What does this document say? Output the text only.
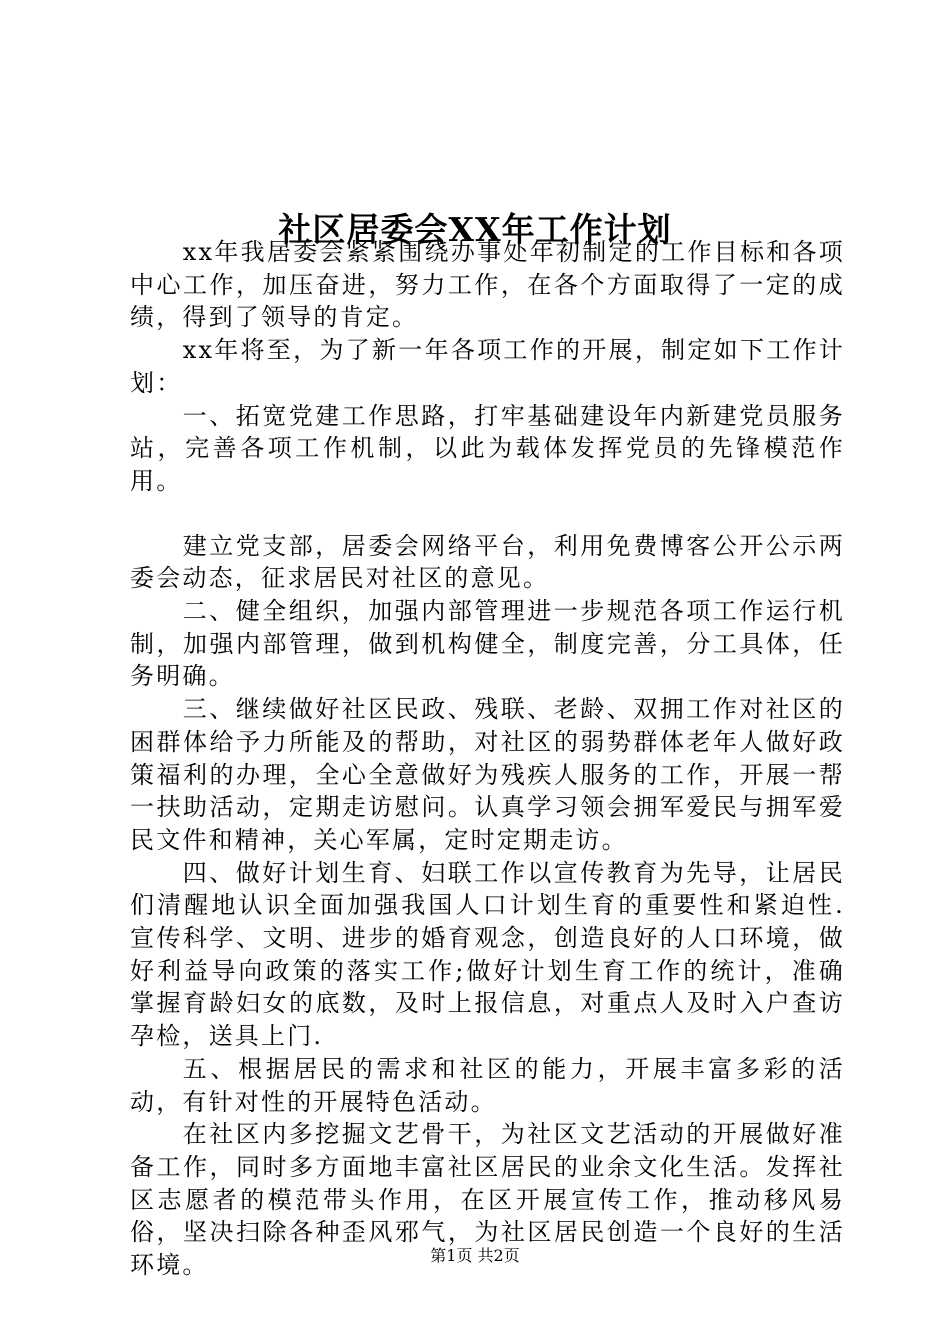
社区居委会XX年工作计划

xx年我居委会紧紧围绕办事处年初制定的工作目标和各项中心工作，加压奋进，努力工作，在各个方面取得了一定的成绩，得到了领导的肯定。

xx年将至，为了新一年各项工作的开展，制定如下工作计划：

一、拓宽党建工作思路，打牢基础建设年内新建党员服务站，完善各项工作机制，以此为载体发挥党员的先锋模范作用。

建立党支部，居委会网络平台，利用免费博客公开公示两委会动态，征求居民对社区的意见。

二、健全组织，加强内部管理进一步规范各项工作运行机制，加强内部管理，做到机构健全，制度完善，分工具体，任务明确。

三、继续做好社区民政、残联、老龄、双拥工作对社区的困群体给予力所能及的帮助，对社区的弱势群体老年人做好政策福利的办理，全心全意做好为残疾人服务的工作，开展一帮一扶助活动，定期走访慰问。认真学习领会拥军爱民与拥军爱民文件和精神，关心军属，定时定期走访。

四、做好计划生育、妇联工作以宣传教育为先导，让居民们清醒地认识全面加强我国人口计划生育的重要性和紧迫性.宣传科学、文明、进步的婚育观念，创造良好的人口环境，做好利益导向政策的落实工作;做好计划生育工作的统计，准确掌握育龄妇女的底数，及时上报信息，对重点人及时入户查访孕检，送具上门.

五、根据居民的需求和社区的能力，开展丰富多彩的活动，有针对性的开展特色活动。

在社区内多挖掘文艺骨干，为社区文艺活动的开展做好准备工作，同时多方面地丰富社区居民的业余文化生活。发挥社区志愿者的模范带头作用，在区开展宣传工作，推动移风易俗，坚决扫除各种歪风邪气，为社区居民创造一个良好的生活环境。	第1页 共2页
